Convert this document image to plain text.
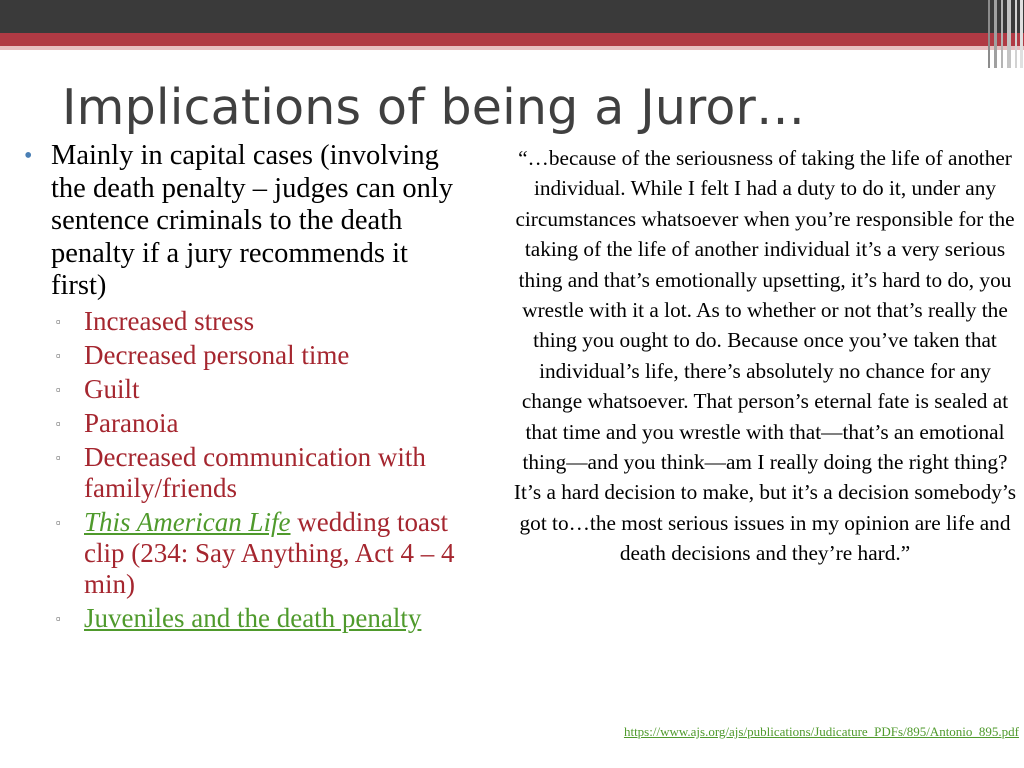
Implications of being a Juror…
• Mainly in capital cases (involving the death penalty – judges can only sentence criminals to the death penalty if a jury recommends it first)
▫ Increased stress
▫ Decreased personal time
▫ Guilt
▫ Paranoia
▫ Decreased communication with family/friends
▫ This American Life wedding toast clip (234: Say Anything, Act 4 – 4 min)
▫ Juveniles and the death penalty

“…because of the seriousness of taking the life of another individual. While I felt I had a duty to do it, under any circumstances whatsoever when you’re responsible for the taking of the life of another individual it’s a very serious thing and that’s emotionally upsetting, it’s hard to do, you wrestle with it a lot. As to whether or not that’s really the thing you ought to do. Because once you’ve taken that individual’s life, there’s absolutely no chance for any change whatsoever. That person’s eternal fate is sealed at that time and you wrestle with that—that’s an emotional thing—and you think—am I really doing the right thing? It’s a hard decision to make, but it’s a decision somebody’s got to…the most serious issues in my opinion are life and death decisions and they’re hard.”

https://www.ajs.org/ajs/publications/Judicature_PDFs/895/Antonio_895.pdf
